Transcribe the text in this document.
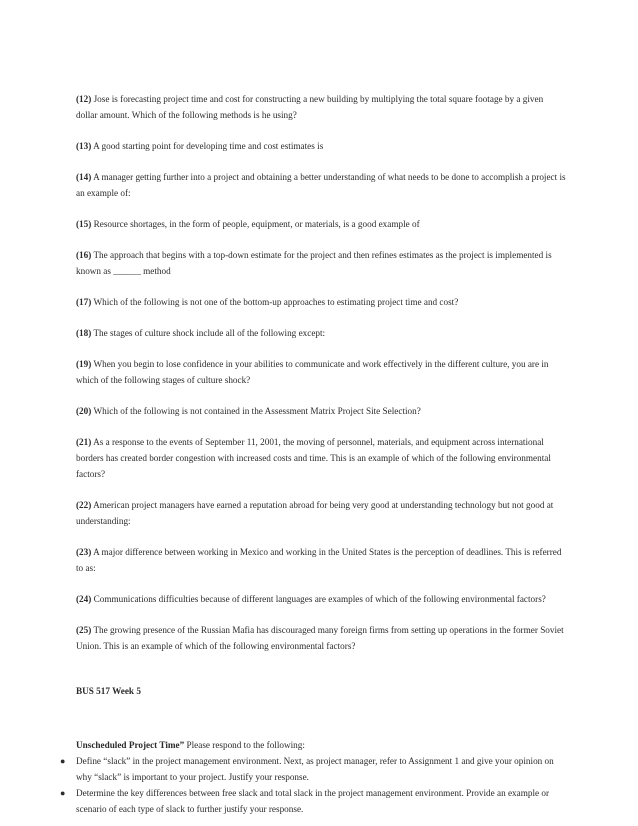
(12) Jose is forecasting project time and cost for constructing a new building by multiplying the total square footage by a given dollar amount. Which of the following methods is he using?

(13) A good starting point for developing time and cost estimates is

(14) A manager getting further into a project and obtaining a better understanding of what needs to be done to accomplish a project is an example of:

(15) Resource shortages, in the form of people, equipment, or materials, is a good example of

(16) The approach that begins with a top-down estimate for the project and then refines estimates as the project is implemented is known as ______ method

(17) Which of the following is not one of the bottom-up approaches to estimating project time and cost?

(18) The stages of culture shock include all of the following except:

(19) When you begin to lose confidence in your abilities to communicate and work effectively in the different culture, you are in which of the following stages of culture shock?

(20) Which of the following is not contained in the Assessment Matrix Project Site Selection?

(21) As a response to the events of September 11, 2001, the moving of personnel, materials, and equipment across international borders has created border congestion with increased costs and time. This is an example of which of the following environmental factors?

(22) American project managers have earned a reputation abroad for being very good at understanding technology but not good at understanding:

(23) A major difference between working in Mexico and working in the United States is the perception of deadlines. This is referred to as:

(24) Communications difficulties because of different languages are examples of which of the following environmental factors?

(25) The growing presence of the Russian Mafia has discouraged many foreign firms from setting up operations in the former Soviet Union. This is an example of which of the following environmental factors?

BUS 517 Week 5
Unscheduled Project Time” Please respond to the following:
● Define “slack” in the project management environment. Next, as project manager, refer to Assignment 1 and give your opinion on why “slack” is important to your project. Justify your response.
● Determine the key differences between free slack and total slack in the project management environment. Provide an example or scenario of each type of slack to further justify your response.
